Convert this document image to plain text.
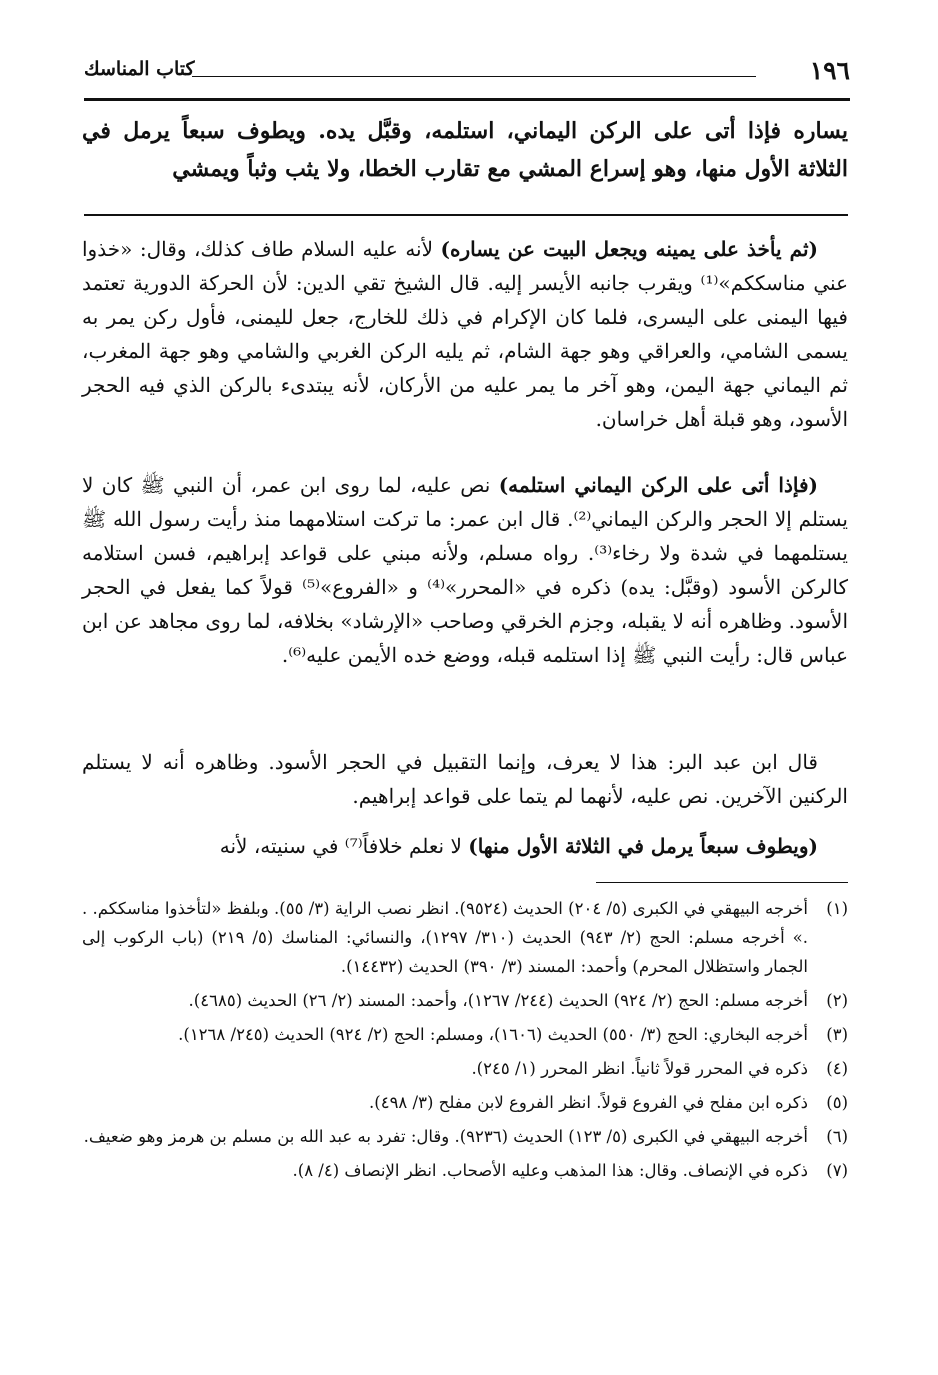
١٩٦
كتاب المناسك
يساره فإذا أتى على الركن اليماني، استلمه، وقبَّل يده. ويطوف سبعاً يرمل في الثلاثة الأول منها، وهو إسراع المشي مع تقارب الخطا، ولا يثب وثباً ويمشي

(ثم يأخذ على يمينه ويجعل البيت عن يساره) لأنه عليه السلام طاف كذلك، وقال: «خذوا عني مناسككم»⁽¹⁾ ويقرب جانبه الأيسر إليه. قال الشيخ تقي الدين: لأن الحركة الدورية تعتمد فيها اليمنى على اليسرى، فلما كان الإكرام في ذلك للخارج، جعل لليمنى، فأول ركن يمر به يسمى الشامي، والعراقي وهو جهة الشام، ثم يليه الركن الغربي والشامي وهو جهة المغرب، ثم اليماني جهة اليمن، وهو آخر ما يمر عليه من الأركان، لأنه يبتدىء بالركن الذي فيه الحجر الأسود، وهو قبلة أهل خراسان.

(فإذا أتى على الركن اليماني استلمه) نص عليه، لما روى ابن عمر، أن النبي ﷺ كان لا يستلم إلا الحجر والركن اليماني⁽²⁾. قال ابن عمر: ما تركت استلامهما منذ رأيت رسول الله ﷺ يستلمهما في شدة ولا رخاء⁽³⁾. رواه مسلم، ولأنه مبني على قواعد إبراهيم، فسن استلامه كالركن الأسود (وقبَّل: يده) ذكره في «المحرر»⁽⁴⁾ و «الفروع»⁽⁵⁾ قولاً كما يفعل في الحجر الأسود. وظاهره أنه لا يقبله، وجزم الخرقي وصاحب «الإرشاد» بخلافه، لما روى مجاهد عن ابن عباس قال: رأيت النبي ﷺ إذا استلمه قبله، ووضع خده الأيمن عليه⁽⁶⁾.

قال ابن عبد البر: هذا لا يعرف، وإنما التقبيل في الحجر الأسود. وظاهره أنه لا يستلم الركنين الآخرين. نص عليه، لأنهما لم يتما على قواعد إبراهيم.

(ويطوف سبعاً يرمل في الثلاثة الأول منها) لا نعلم خلافاً⁽⁷⁾ في سنيته، لأنه

(١)
أخرجه البيهقي في الكبرى (٥/ ٢٠٤) الحديث (٩٥٢٤). انظر نصب الراية (٣/ ٥٥). وبلفظ «لتأخذوا مناسككم. . .» أخرجه مسلم: الحج (٢/ ٩٤٣) الحديث (٣١٠/ ١٢٩٧)، والنسائي: المناسك (٥/ ٢١٩) (باب الركوب إلى الجمار واستظلال المحرم) وأحمد: المسند (٣/ ٣٩٠) الحديث (١٤٤٣٢).
(٢)
أخرجه مسلم: الحج (٢/ ٩٢٤) الحديث (٢٤٤/ ١٢٦٧)، وأحمد: المسند (٢/ ٢٦) الحديث (٤٦٨٥).
(٣)
أخرجه البخاري: الحج (٣/ ٥٥٠) الحديث (١٦٠٦)، ومسلم: الحج (٢/ ٩٢٤) الحديث (٢٤٥/ ١٢٦٨).
(٤)
ذكره في المحرر قولاً ثانياً. انظر المحرر (١/ ٢٤٥).
(٥)
ذكره ابن مفلح في الفروع قولاً. انظر الفروع لابن مفلح (٣/ ٤٩٨).
(٦)
أخرجه البيهقي في الكبرى (٥/ ١٢٣) الحديث (٩٢٣٦). وقال: تفرد به عبد الله بن مسلم بن هرمز وهو ضعيف.
(٧)
ذكره في الإنصاف. وقال: هذا المذهب وعليه الأصحاب. انظر الإنصاف (٤/ ٨).
